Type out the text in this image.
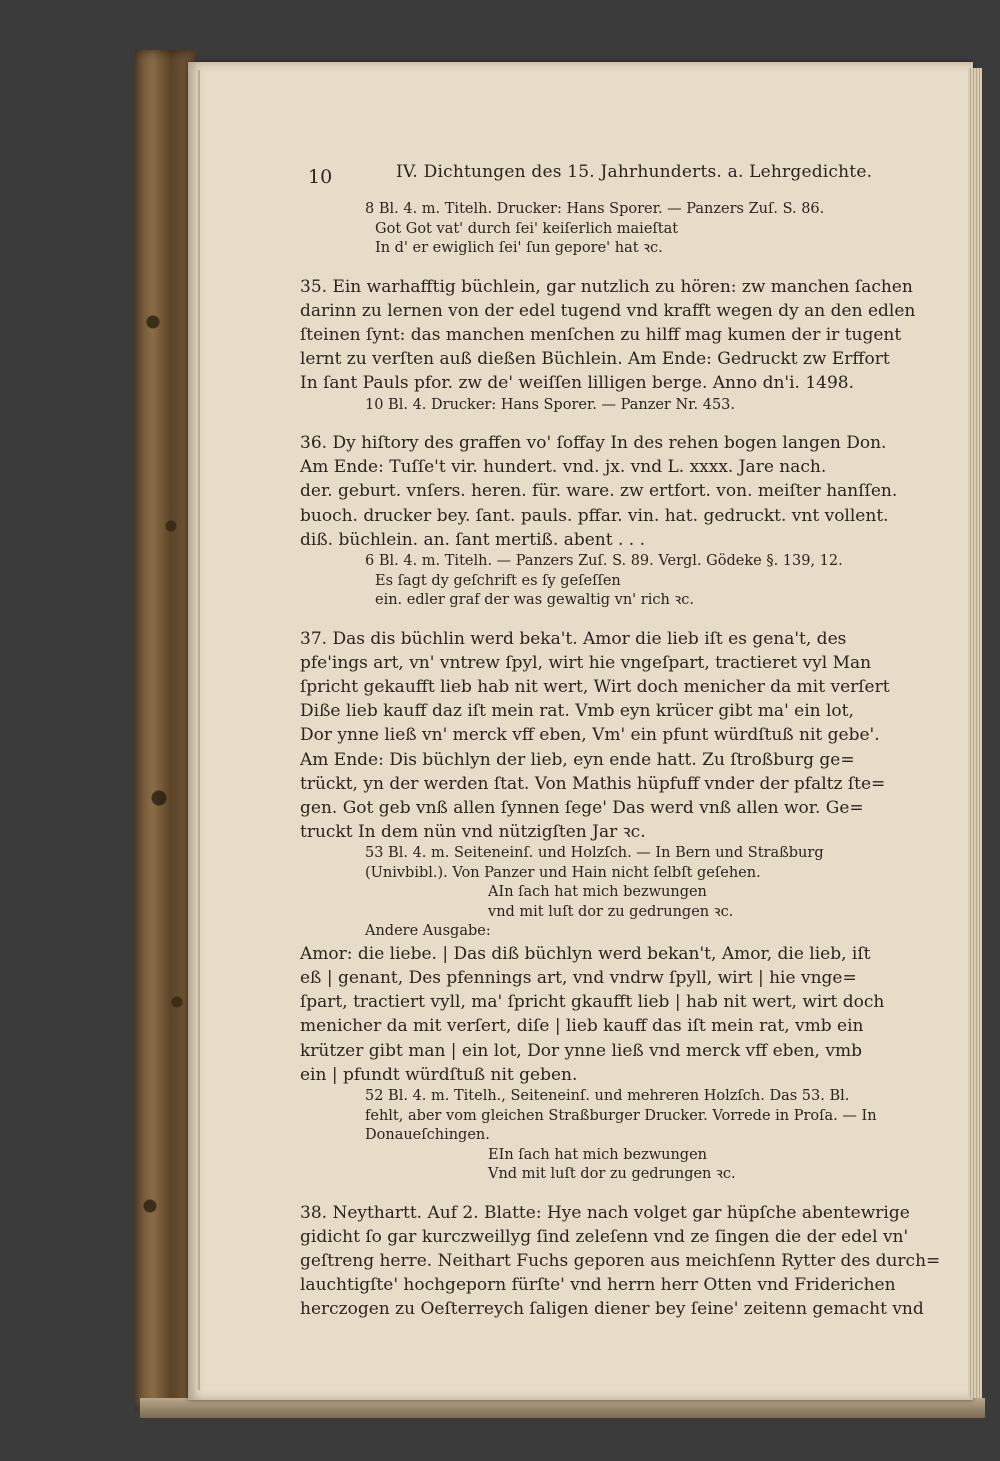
10	IV. Dichtungen des 15. Jahrhunderts. a. Lehrgedichte.

8 Bl. 4. m. Titelh. Drucker: Hans Sporer. — Panzers Zuſ. S. 86.

Got Got vat' durch ſei' keiſerlich maieſtat
In d' er ewiglich ſei' ſun gepore' hat ꝛc.

35. Ein warhafftig büchlein, gar nutzlich zu hören: zw manchen ſachen
darinn zu lernen von der edel tugend vnd krafft wegen dy an den edlen
ſteinen ſynt: das manchen menſchen zu hilff mag kumen der ir tugent
lernt zu verſten auß dießen Büchlein. Am Ende: Gedruckt zw Erffort
In ſant Pauls pfor. zw de' weiſſen lilligen berge. Anno dn'i. 1498.

10 Bl. 4. Drucker: Hans Sporer. — Panzer Nr. 453.

36. Dy hiſtory des graffen vo' ſoffay In des rehen bogen langen Don.
Am Ende: Tuſſe't vir. hundert. vnd. jx. vnd L. xxxx. Jare nach.
der. geburt. vnſers. heren. für. ware. zw ertfort. von. meiſter hanſſen.
buoch. drucker bey. ſant. pauls. pffar. vin. hat. gedruckt. vnt vollent.
diß. büchlein. an. ſant mertiß. abent . . .

6 Bl. 4. m. Titelh. — Panzers Zuſ. S. 89. Vergl. Gödeke §. 139, 12.

Es ſagt dy geſchrift es ſy geſeſſen
ein. edler graf der was gewaltig vn' rich ꝛc.

37. Das dis büchlin werd beka't. Amor die lieb iſt es gena't, des
pfe'ings art, vn' vntrew ſpyl, wirt hie vngeſpart, tractieret vyl Man
ſpricht gekaufft lieb hab nit wert, Wirt doch menicher da mit verſert
Diße lieb kauff daz iſt mein rat. Vmb eyn krücer gibt ma' ein lot,
Dor ynne ließ vn' merck vff eben, Vm' ein pfunt würdſtuß nit gebe'.
Am Ende: Dis büchlyn der lieb, eyn ende hatt. Zu ſtroßburg ge=
trückt, yn der werden ſtat. Von Mathis hüpfuff vnder der pfaltz ſte=
gen. Got geb vnß allen ſynnen ſege' Das werd vnß allen wor. Ge=
truckt In dem nün vnd nützigſten Jar ꝛc.

53 Bl. 4. m. Seiteneinſ. und Holzſch. — In Bern und Straßburg
(Univbibl.). Von Panzer und Hain nicht ſelbſt geſehen.

AIn ſach hat mich bezwungen
vnd mit luſt dor zu gedrungen ꝛc.

Andere Ausgabe:

Amor: die liebe. | Das diß büchlyn werd bekan't, Amor, die lieb, iſt
eß | genant, Des pfennings art, vnd vndrw ſpyll, wirt | hie vnge=
ſpart, tractiert vyll, ma' ſpricht gkaufft lieb | hab nit wert, wirt doch
menicher da mit verſert, diſe | lieb kauff das iſt mein rat, vmb ein
krützer gibt man | ein lot, Dor ynne ließ vnd merck vff eben, vmb
ein | pfundt würdſtuß nit geben.

52 Bl. 4. m. Titelh., Seiteneinſ. und mehreren Holzſch. Das 53. Bl.
fehlt, aber vom gleichen Straßburger Drucker. Vorrede in Proſa. — In
Donaueſchingen.

EIn ſach hat mich bezwungen
Vnd mit luſt dor zu gedrungen ꝛc.

38. Neythartt. Auf 2. Blatte: Hye nach volget gar hüpſche abentewrige
gidicht ſo gar kurczweillyg ſind zeleſenn vnd ze ſingen die der edel vn'
geſtreng herre. Neithart Fuchs geporen aus meichſenn Rytter des durch=
lauchtigſte' hochgeporn fürſte' vnd herrn herr Otten vnd Friderichen
herczogen zu Oeſterreych ſaligen diener bey ſeine' zeitenn gemacht vnd
